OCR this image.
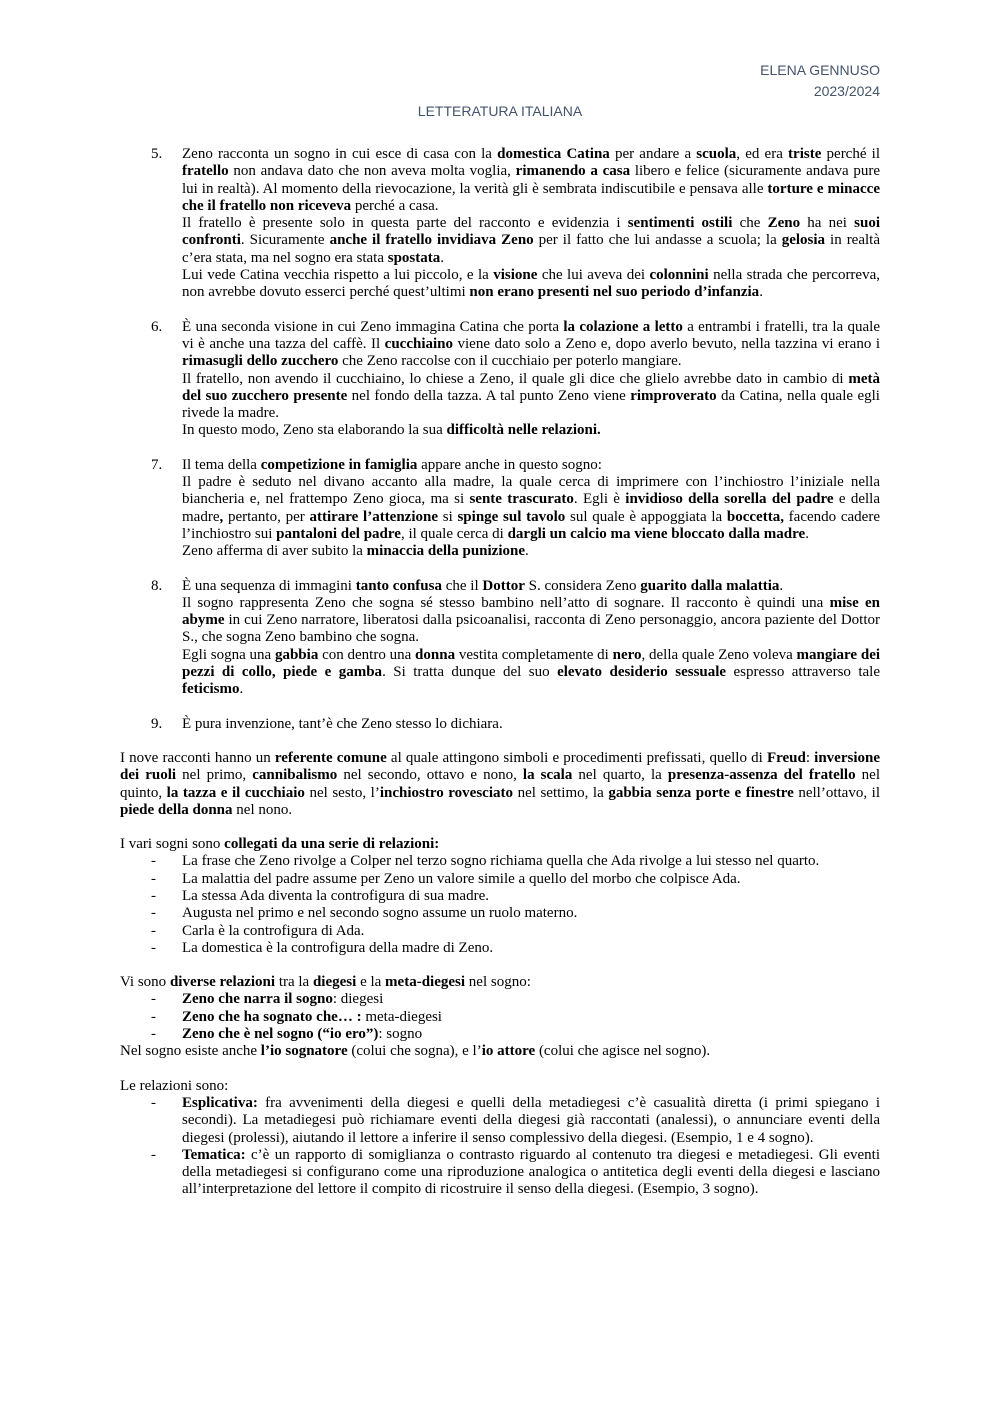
ELENA GENNUSO
2023/2024
LETTERATURA ITALIANA
5. Zeno racconta un sogno in cui esce di casa con la domestica Catina per andare a scuola, ed era triste perché il fratello non andava dato che non aveva molta voglia, rimanendo a casa libero e felice (sicuramente andava pure lui in realtà). Al momento della rievocazione, la verità gli è sembrata indiscutibile e pensava alle torture e minacce che il fratello non riceveva perché a casa.

Il fratello è presente solo in questa parte del racconto e evidenzia i sentimenti ostili che Zeno ha nei suoi confronti. Sicuramente anche il fratello invidiava Zeno per il fatto che lui andasse a scuola; la gelosia in realtà c’era stata, ma nel sogno era stata spostata.

Lui vede Catina vecchia rispetto a lui piccolo, e la visione che lui aveva dei colonnini nella strada che percorreva, non avrebbe dovuto esserci perché quest’ultimi non erano presenti nel suo periodo d’infanzia.

6. È una seconda visione in cui Zeno immagina Catina che porta la colazione a letto a entrambi i fratelli, tra la quale vi è anche una tazza del caffè. Il cucchiaino viene dato solo a Zeno e, dopo averlo bevuto, nella tazzina vi erano i rimasugli dello zucchero che Zeno raccolse con il cucchiaio per poterlo mangiare.

Il fratello, non avendo il cucchiaino, lo chiese a Zeno, il quale gli dice che glielo avrebbe dato in cambio di metà del suo zucchero presente nel fondo della tazza. A tal punto Zeno viene rimproverato da Catina, nella quale egli rivede la madre.

In questo modo, Zeno sta elaborando la sua difficoltà nelle relazioni.

7. Il tema della competizione in famiglia appare anche in questo sogno:

Il padre è seduto nel divano accanto alla madre, la quale cerca di imprimere con l’inchiostro l’iniziale nella biancheria e, nel frattempo Zeno gioca, ma si sente trascurato. Egli è invidioso della sorella del padre e della madre, pertanto, per attirare l’attenzione si spinge sul tavolo sul quale è appoggiata la boccetta, facendo cadere l’inchiostro sui pantaloni del padre, il quale cerca di dargli un calcio ma viene bloccato dalla madre.

Zeno afferma di aver subito la minaccia della punizione.

8. È una sequenza di immagini tanto confusa che il Dottor S. considera Zeno guarito dalla malattia.

Il sogno rappresenta Zeno che sogna sé stesso bambino nell’atto di sognare. Il racconto è quindi una mise en abyme in cui Zeno narratore, liberatosi dalla psicoanalisi, racconta di Zeno personaggio, ancora paziente del Dottor S., che sogna Zeno bambino che sogna.

Egli sogna una gabbia con dentro una donna vestita completamente di nero, della quale Zeno voleva mangiare dei pezzi di collo, piede e gamba. Si tratta dunque del suo elevato desiderio sessuale espresso attraverso tale feticismo.

9. È pura invenzione, tant’è che Zeno stesso lo dichiara.

I nove racconti hanno un referente comune al quale attingono simboli e procedimenti prefissati, quello di Freud: inversione dei ruoli nel primo, cannibalismo nel secondo, ottavo e nono, la scala nel quarto, la presenza-assenza del fratello nel quinto, la tazza e il cucchiaio nel sesto, l’inchiostro rovesciato nel settimo, la gabbia senza porte e finestre nell’ottavo, il piede della donna nel nono.

I vari sogni sono collegati da una serie di relazioni:

- La frase che Zeno rivolge a Colper nel terzo sogno richiama quella che Ada rivolge a lui stesso nel quarto.
- La malattia del padre assume per Zeno un valore simile a quello del morbo che colpisce Ada.
- La stessa Ada diventa la controfigura di sua madre.
- Augusta nel primo e nel secondo sogno assume un ruolo materno.
- Carla è la controfigura di Ada.
- La domestica è la controfigura della madre di Zeno.

Vi sono diverse relazioni tra la diegesi e la meta-diegesi nel sogno:

- Zeno che narra il sogno: diegesi
- Zeno che ha sognato che… : meta-diegesi
- Zeno che è nel sogno (“io ero”): sogno

Nel sogno esiste anche l’io sognatore (colui che sogna), e l’io attore (colui che agisce nel sogno).

Le relazioni sono:

- Esplicativa: fra avvenimenti della diegesi e quelli della metadiegesi c’è casualità diretta (i primi spiegano i secondi). La metadiegesi può richiamare eventi della diegesi già raccontati (analessi), o annunciare eventi della diegesi (prolessi), aiutando il lettore a inferire il senso complessivo della diegesi. (Esempio, 1 e 4 sogno).
- Tematica: c’è un rapporto di somiglianza o contrasto riguardo al contenuto tra diegesi e metadiegesi. Gli eventi della metadiegesi si configurano come una riproduzione analogica o antitetica degli eventi della diegesi e lasciano all’interpretazione del lettore il compito di ricostruire il senso della diegesi. (Esempio, 3 sogno).
